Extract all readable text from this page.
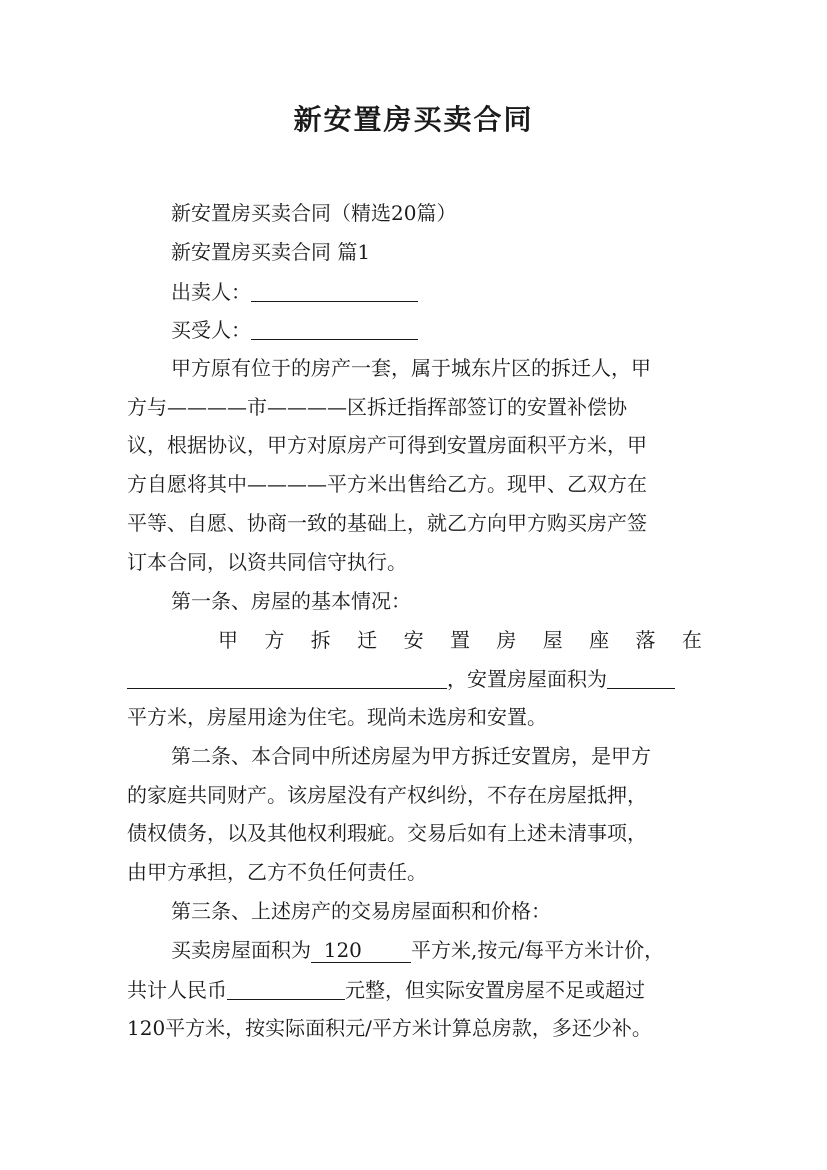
新安置房买卖合同
新安置房买卖合同（精选20篇）
新安置房买卖合同 篇1
出卖人：
买受人：
甲方原有位于的房产一套，属于城东片区的拆迁人，甲
方与————市————区拆迁指挥部签订的安置补偿协
议，根据协议，甲方对原房产可得到安置房面积平方米，甲
方自愿将其中————平方米出售给乙方。现甲、乙双方在
平等、自愿、协商一致的基础上，就乙方向甲方购买房产签
订本合同，以资共同信守执行。
第一条、房屋的基本情况：
甲 方 拆 迁 安 置 房 屋 座 落 在
，安置房屋面积为
平方米，房屋用途为住宅。现尚未选房和安置。
第二条、本合同中所述房屋为甲方拆迁安置房，是甲方
的家庭共同财产。该房屋没有产权纠纷，不存在房屋抵押，
债权债务，以及其他权利瑕疵。交易后如有上述未清事项，
由甲方承担，乙方不负任何责任。
第三条、上述房产的交易房屋面积和价格：
买卖房屋面积为 120 平方米,按元/每平方米计价，
共计人民币	元整，但实际安置房屋不足或超过
120平方米，按实际面积元/平方米计算总房款，多还少补。
